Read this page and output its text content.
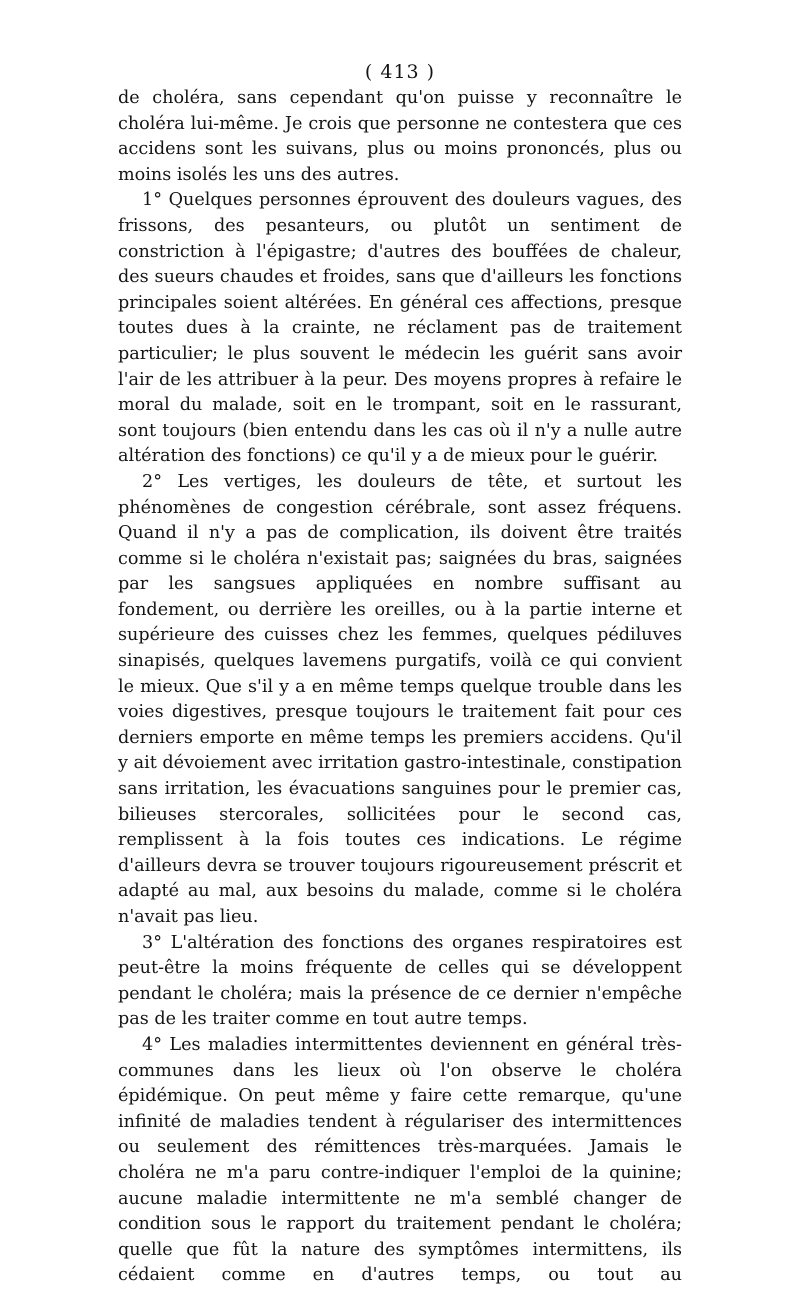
( 413 )

de choléra, sans cependant qu'on puisse y reconnaître le choléra lui-même. Je crois que personne ne contestera que ces accidens sont les suivans, plus ou moins prononcés, plus ou moins isolés les uns des autres.

1° Quelques personnes éprouvent des douleurs vagues, des frissons, des pesanteurs, ou plutôt un sentiment de constriction à l'épigastre; d'autres des bouffées de chaleur, des sueurs chaudes et froides, sans que d'ailleurs les fonctions principales soient altérées. En général ces affections, presque toutes dues à la crainte, ne réclament pas de traitement particulier; le plus souvent le médecin les guérit sans avoir l'air de les attribuer à la peur. Des moyens propres à refaire le moral du malade, soit en le trompant, soit en le rassurant, sont toujours (bien entendu dans les cas où il n'y a nulle autre altération des fonctions) ce qu'il y a de mieux pour le guérir.

2° Les vertiges, les douleurs de tête, et surtout les phénomènes de congestion cérébrale, sont assez fréquens. Quand il n'y a pas de complication, ils doivent être traités comme si le choléra n'existait pas; saignées du bras, saignées par les sangsues appliquées en nombre suffisant au fondement, ou derrière les oreilles, ou à la partie interne et supérieure des cuisses chez les femmes, quelques pédiluves sinapisés, quelques lavemens purgatifs, voilà ce qui convient le mieux. Que s'il y a en même temps quelque trouble dans les voies digestives, presque toujours le traitement fait pour ces derniers emporte en même temps les premiers accidens. Qu'il y ait dévoiement avec irritation gastro-intestinale, constipation sans irritation, les évacuations sanguines pour le premier cas, bilieuses stercorales, sollicitées pour le second cas, remplissent à la fois toutes ces indications. Le régime d'ailleurs devra se trouver toujours rigoureusement préscrit et adapté au mal, aux besoins du malade, comme si le choléra n'avait pas lieu.

3° L'altération des fonctions des organes respiratoires est peut-être la moins fréquente de celles qui se développent pendant le choléra; mais la présence de ce dernier n'empêche pas de les traiter comme en tout autre temps.

4° Les maladies intermittentes deviennent en général très-communes dans les lieux où l'on observe le choléra épidémique. On peut même y faire cette remarque, qu'une infinité de maladies tendent à régulariser des intermittences ou seulement des rémittences très-marquées. Jamais le choléra ne m'a paru contre-indiquer l'emploi de la quinine; aucune maladie intermittente ne m'a semblé changer de condition sous le rapport du traitement pendant le choléra; quelle que fût la nature des symptômes intermittens, ils cédaient comme en d'autres temps, ou tout au
